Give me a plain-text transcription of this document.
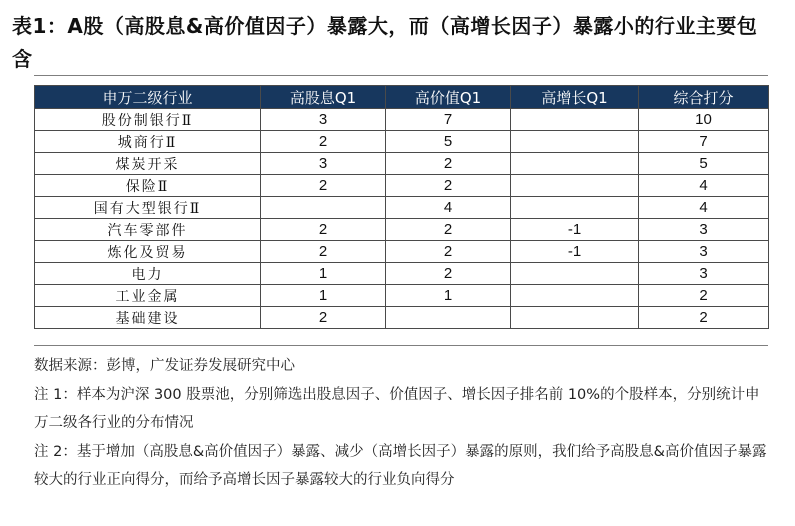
表1：A股（高股息&高价值因子）暴露大，而（高增长因子）暴露小的行业主要包含
申万二级行业	高股息Q1	高价值Q1	高增长Q1	综合打分
股份制银行Ⅱ	3	7		10
城商行Ⅱ	2	5		7
煤炭开采	3	2		5
保险Ⅱ	2	2		4
国有大型银行Ⅱ		4		4
汽车零部件	2	2	-1	3
炼化及贸易	2	2	-1	3
电力	1	2		3
工业金属	1	1		2
基础建设	2			2

数据来源：彭博，广发证券发展研究中心

注 1：样本为沪深 300 股票池，分别筛选出股息因子、价值因子、增长因子排名前 10%的个股样本，分别统计申万二级各行业的分布情况

注 2：基于增加（高股息&高价值因子）暴露、减少（高增长因子）暴露的原则，我们给予高股息&高价值因子暴露较大的行业正向得分，而给予高增长因子暴露较大的行业负向得分
